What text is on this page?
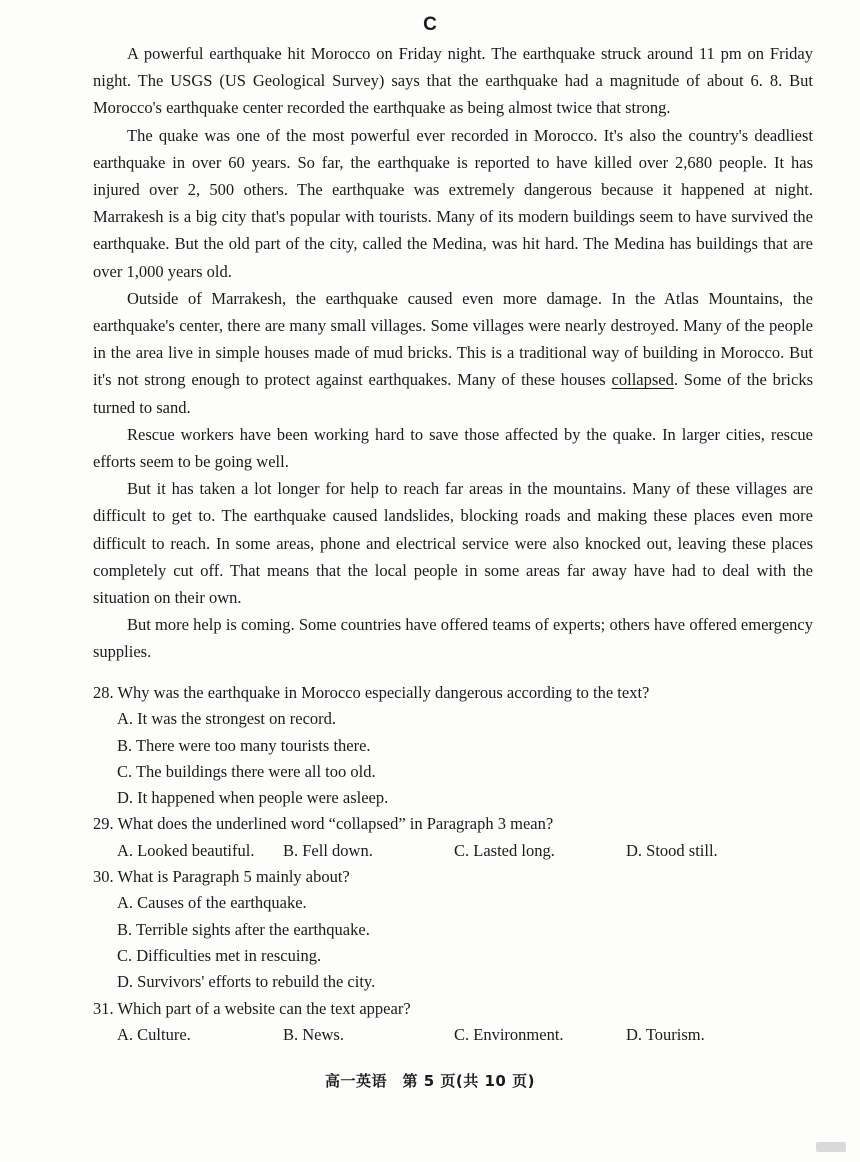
C

A powerful earthquake hit Morocco on Friday night. The earthquake struck around 11 pm on Friday night. The USGS (US Geological Survey) says that the earthquake had a magnitude of about 6. 8. But Morocco's earthquake center recorded the earthquake as being almost twice that strong.

The quake was one of the most powerful ever recorded in Morocco. It's also the country's deadliest earthquake in over 60 years. So far, the earthquake is reported to have killed over 2,680 people. It has injured over 2, 500 others. The earthquake was extremely dangerous because it happened at night. Marrakesh is a big city that's popular with tourists. Many of its modern buildings seem to have survived the earthquake. But the old part of the city, called the Medina, was hit hard. The Medina has buildings that are over 1,000 years old.

Outside of Marrakesh, the earthquake caused even more damage. In the Atlas Mountains, the earthquake's center, there are many small villages. Some villages were nearly destroyed. Many of the people in the area live in simple houses made of mud bricks. This is a traditional way of building in Morocco. But it's not strong enough to protect against earthquakes. Many of these houses collapsed. Some of the bricks turned to sand.

Rescue workers have been working hard to save those affected by the quake. In larger cities, rescue efforts seem to be going well.

But it has taken a lot longer for help to reach far areas in the mountains. Many of these villages are difficult to get to. The earthquake caused landslides, blocking roads and making these places even more difficult to reach. In some areas, phone and electrical service were also knocked out, leaving these places completely cut off. That means that the local people in some areas far away have had to deal with the situation on their own.

But more help is coming. Some countries have offered teams of experts; others have offered emergency supplies.

28. Why was the earthquake in Morocco especially dangerous according to the text?

A. It was the strongest on record.

B. There were too many tourists there.

C. The buildings there were all too old.

D. It happened when people were asleep.

29. What does the underlined word “collapsed” in Paragraph 3 mean?

A. Looked beautiful. B. Fell down.	C. Lasted long.	D. Stood still.

30. What is Paragraph 5 mainly about?

A. Causes of the earthquake.

B. Terrible sights after the earthquake.

C. Difficulties met in rescuing.

D. Survivors' efforts to rebuild the city.

31. Which part of a website can the text appear?

A. Culture.	B. News.	C. Environment.	D. Tourism.
高一英语　第 5 页(共 10 页)
